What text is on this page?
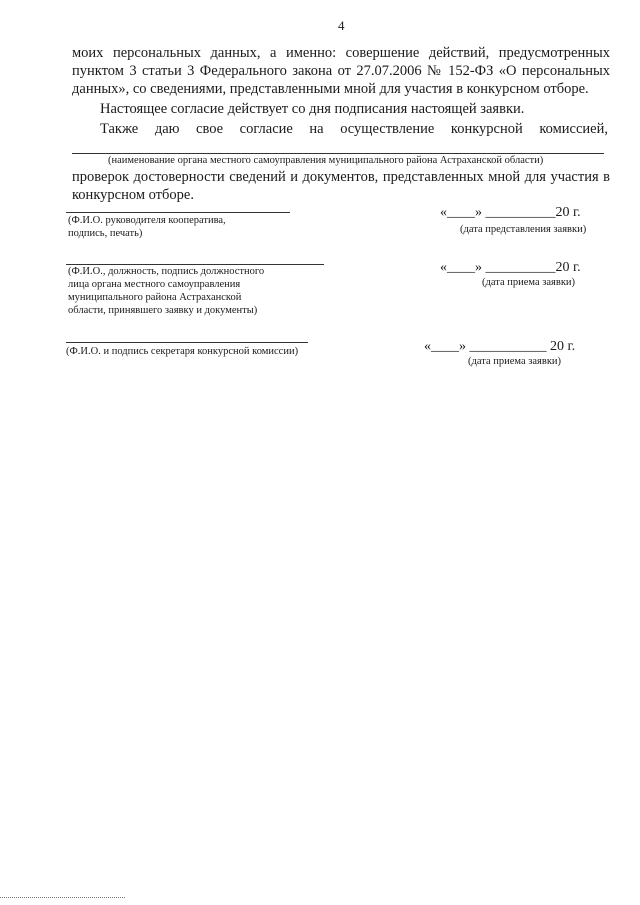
4
моих персональных данных, а именно: совершение действий, предусмотренных пунктом 3 статьи 3 Федерального закона от 27.07.2006 № 152-ФЗ «О персональных данных», со сведениями, представленными мной для участия в конкурсном отборе.
Настоящее согласие действует со дня подписания настоящей заявки.
Также даю свое согласие на осуществление конкурсной комиссией,
(наименование органа местного самоуправления муниципального района Астраханской области)
проверок достоверности сведений и документов, представленных мной для участия в конкурсном отборе.
(Ф.И.О. руководителя кооператива, подпись, печать)
«____» __________20 г.
(дата представления заявки)
(Ф.И.О., должность, подпись должностного лица органа местного самоуправления муниципального района Астраханской области, принявшего заявку и документы)
«____» __________20 г.
(дата приема заявки)
(Ф.И.О. и подпись секретаря конкурсной комиссии)	«____» ___________ 20 г.
(дата приема заявки)
